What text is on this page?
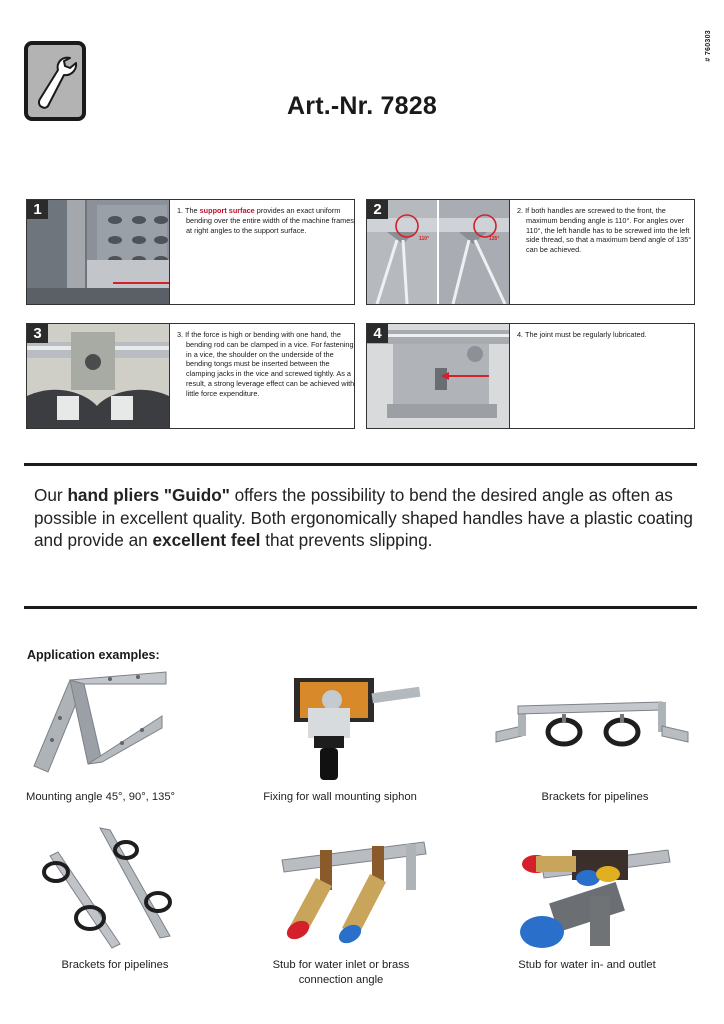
# 760303
Art.-Nr. 7828
1	1. The support surface provides an exact uniform bending over the entire width of the machine frames at right angles to the support surface.
110°	135°
2	2. If both handles are screwed to the front, the maximum bending angle is 110°. For angles over 110°, the left handle has to be screwed into the left side thread, so that a maximum bend angle of 135° can be achieved.
3	3. If the force is high or bending with one hand, the bending rod can be clamped in a vice. For fastening in a vice, the shoulder on the underside of the bending tongs must be inserted between the clamping jacks in the vice and screwed tightly. As a result, a strong leverage effect can be achieved with little force expenditure.
4	4. The joint must be regularly lubricated.
Our hand pliers "Guido" offers the possibility to bend the desired angle as often as possible in excellent quality. Both ergonomically shaped handles have a plastic coating and provide an excellent feel that prevents slipping.
Application examples:
Mounting angle 45°, 90°, 135°	Fixing for wall mounting siphon	Brackets for pipelines
Brackets for pipelines	Stub for water inlet or brass connection angle
Stub for water in- and outlet
